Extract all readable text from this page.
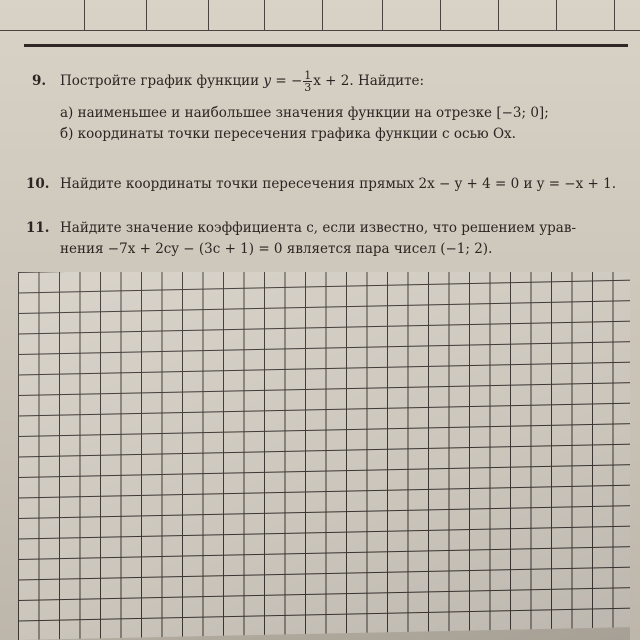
9. Постройте график функции y = − $\frac{1}{3}$ x + 2. Найдите:
а) наименьшее и наибольшее значения функции на отрезке [−3; 0];
б) координаты точки пересечения графика функции с осью Ox.
10. Найдите координаты точки пересечения прямых 2x − y + 4 = 0 и y = −x + 1.
11. Найдите значение коэффициента c, если известно, что решением урав-
нения −7x + 2cy − (3c + 1) = 0 является пара чисел (−1; 2).
